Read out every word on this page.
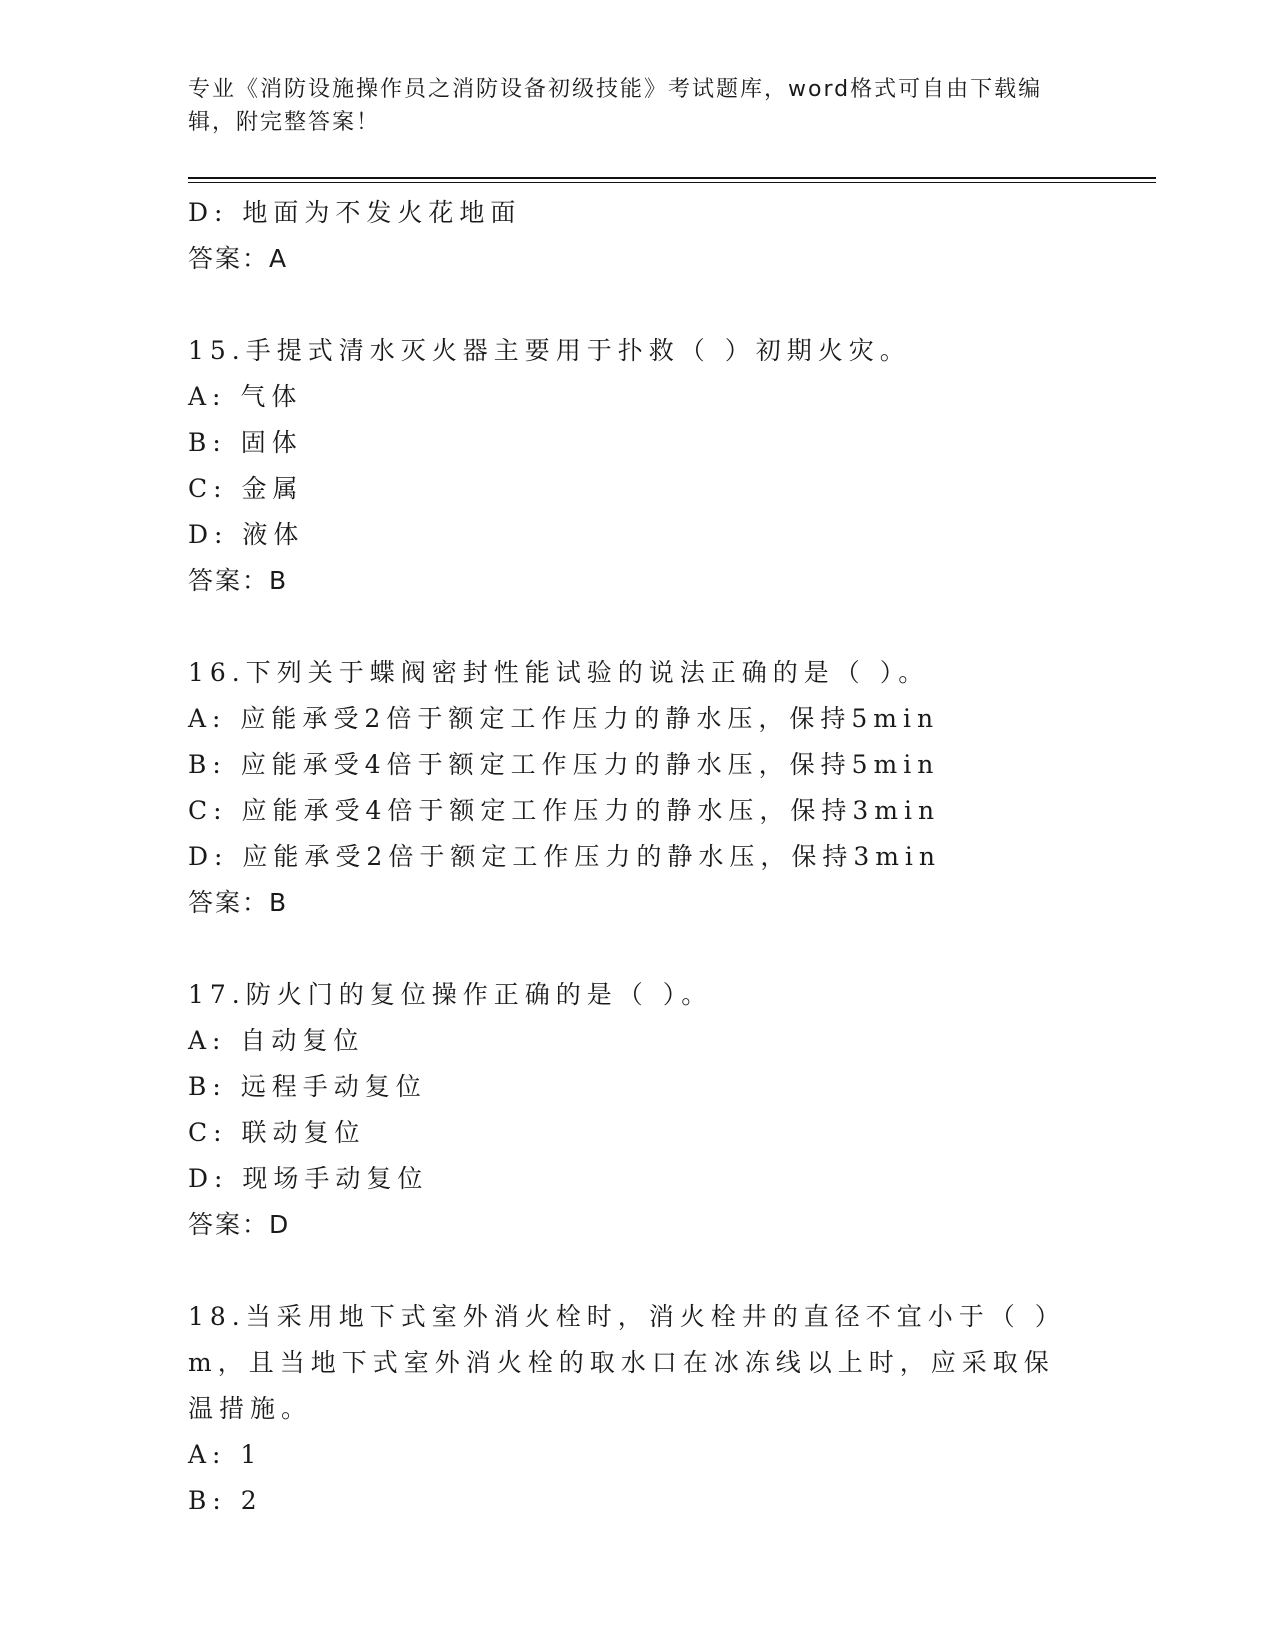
专业《消防设施操作员之消防设备初级技能》考试题库，word格式可自由下载编辑，附完整答案！
D: 地面为不发火花地面
答案：A
15.手提式清水灭火器主要用于扑救（ ）初期火灾。
A: 气体
B: 固体
C: 金属
D: 液体
答案：B
16.下列关于蝶阀密封性能试验的说法正确的是（ ）。
A: 应能承受2倍于额定工作压力的静水压，保持5min
B: 应能承受4倍于额定工作压力的静水压，保持5min
C: 应能承受4倍于额定工作压力的静水压，保持3min
D: 应能承受2倍于额定工作压力的静水压，保持3min
答案：B
17.防火门的复位操作正确的是（ ）。
A: 自动复位
B: 远程手动复位
C: 联动复位
D: 现场手动复位
答案：D
18.当采用地下式室外消火栓时，消火栓井的直径不宜小于（ ）m，且当地下式室外消火栓的取水口在冰冻线以上时，应采取保温措施。
A: 1
B: 2
